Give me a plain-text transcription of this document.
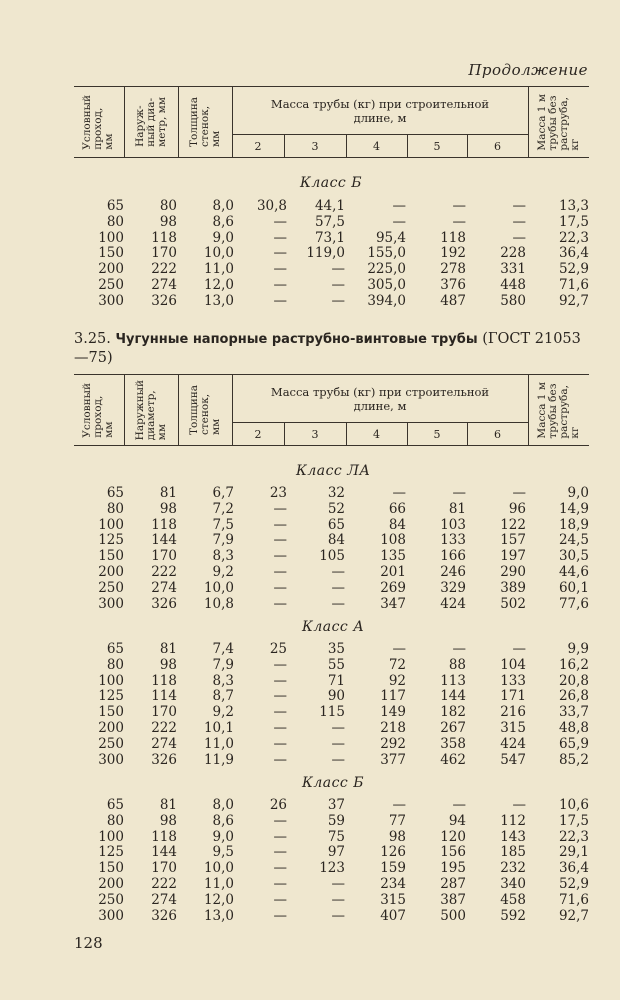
Продолжение
Условный
проход,
мм	Наруж-
ный диа-
метр, мм	Толщина
стенок,
мм	Масса трубы (кг) при строительной
длине, м					Масса 1 м
трубы без
раструба,
кг

			2	3	4	5	6	
Класс Б
65	80	8,0 30,8 44,1	—	—	— 13,3
80	98	8,6	— 57,5	—	—	— 17,5
100 118	9,0	— 73,1 95,4	118	— 22,3
150 170 10,0	— 119,0 155,0	192	228 36,4
200 222 11,0	—	— 225,0	278	331 52,9
250 274 12,0	—	— 305,0	376	448 71,6
300 326 13,0	—	— 394,0	487	580 92,7
3.25. Чугунные напорные раструбно-винтовые трубы (ГОСТ 21053—75)
Условный
проход,
мм	Наружный
диаметр,
мм	Толщина
стенок,
мм	Масса трубы (кг) при строительной
длине, м					Масса 1 м
трубы без
раструба,
кг

			2	3	4	5	6	
Класс ЛА
65	81	6,7	23	32	—	—	—	9,0
80	98	7,2	—	52	66	81	96 14,9
100 118	7,5	—	65	84	103	122 18,9
125 144	7,9	—	84	108	133	157 24,5
150 170	8,3	— 105	135	166	197 30,5
200 222	9,2	—	—	201	246	290 44,6
250 274 10,0	—	—	269	329	389 60,1
300 326 10,8	—	—	347	424	502 77,6
Класс А
65	81	7,4	25	35	—	—	—	9,9
80	98	7,9	—	55	72	88	104 16,2
100 118	8,3	—	71	92	113	133 20,8
125 114	8,7	—	90	117	144	171 26,8
150 170	9,2	— 115	149	182	216 33,7
200 222 10,1	—	—	218	267	315 48,8
250 274 11,0	—	—	292	358	424 65,9
300 326 11,9	—	—	377	462	547 85,2
Класс Б
65	81	8,0	26	37	—	—	— 10,6
80	98	8,6	—	59	77	94	112 17,5
100 118	9,0	—	75	98	120	143 22,3
125 144	9,5	—	97	126	156	185 29,1
150 170 10,0	— 123	159	195	232 36,4
200 222 11,0	—	—	234	287	340 52,9
250 274 12,0	—	—	315	387	458 71,6
300 326 13,0	—	—	407	500	592 92,7
128
